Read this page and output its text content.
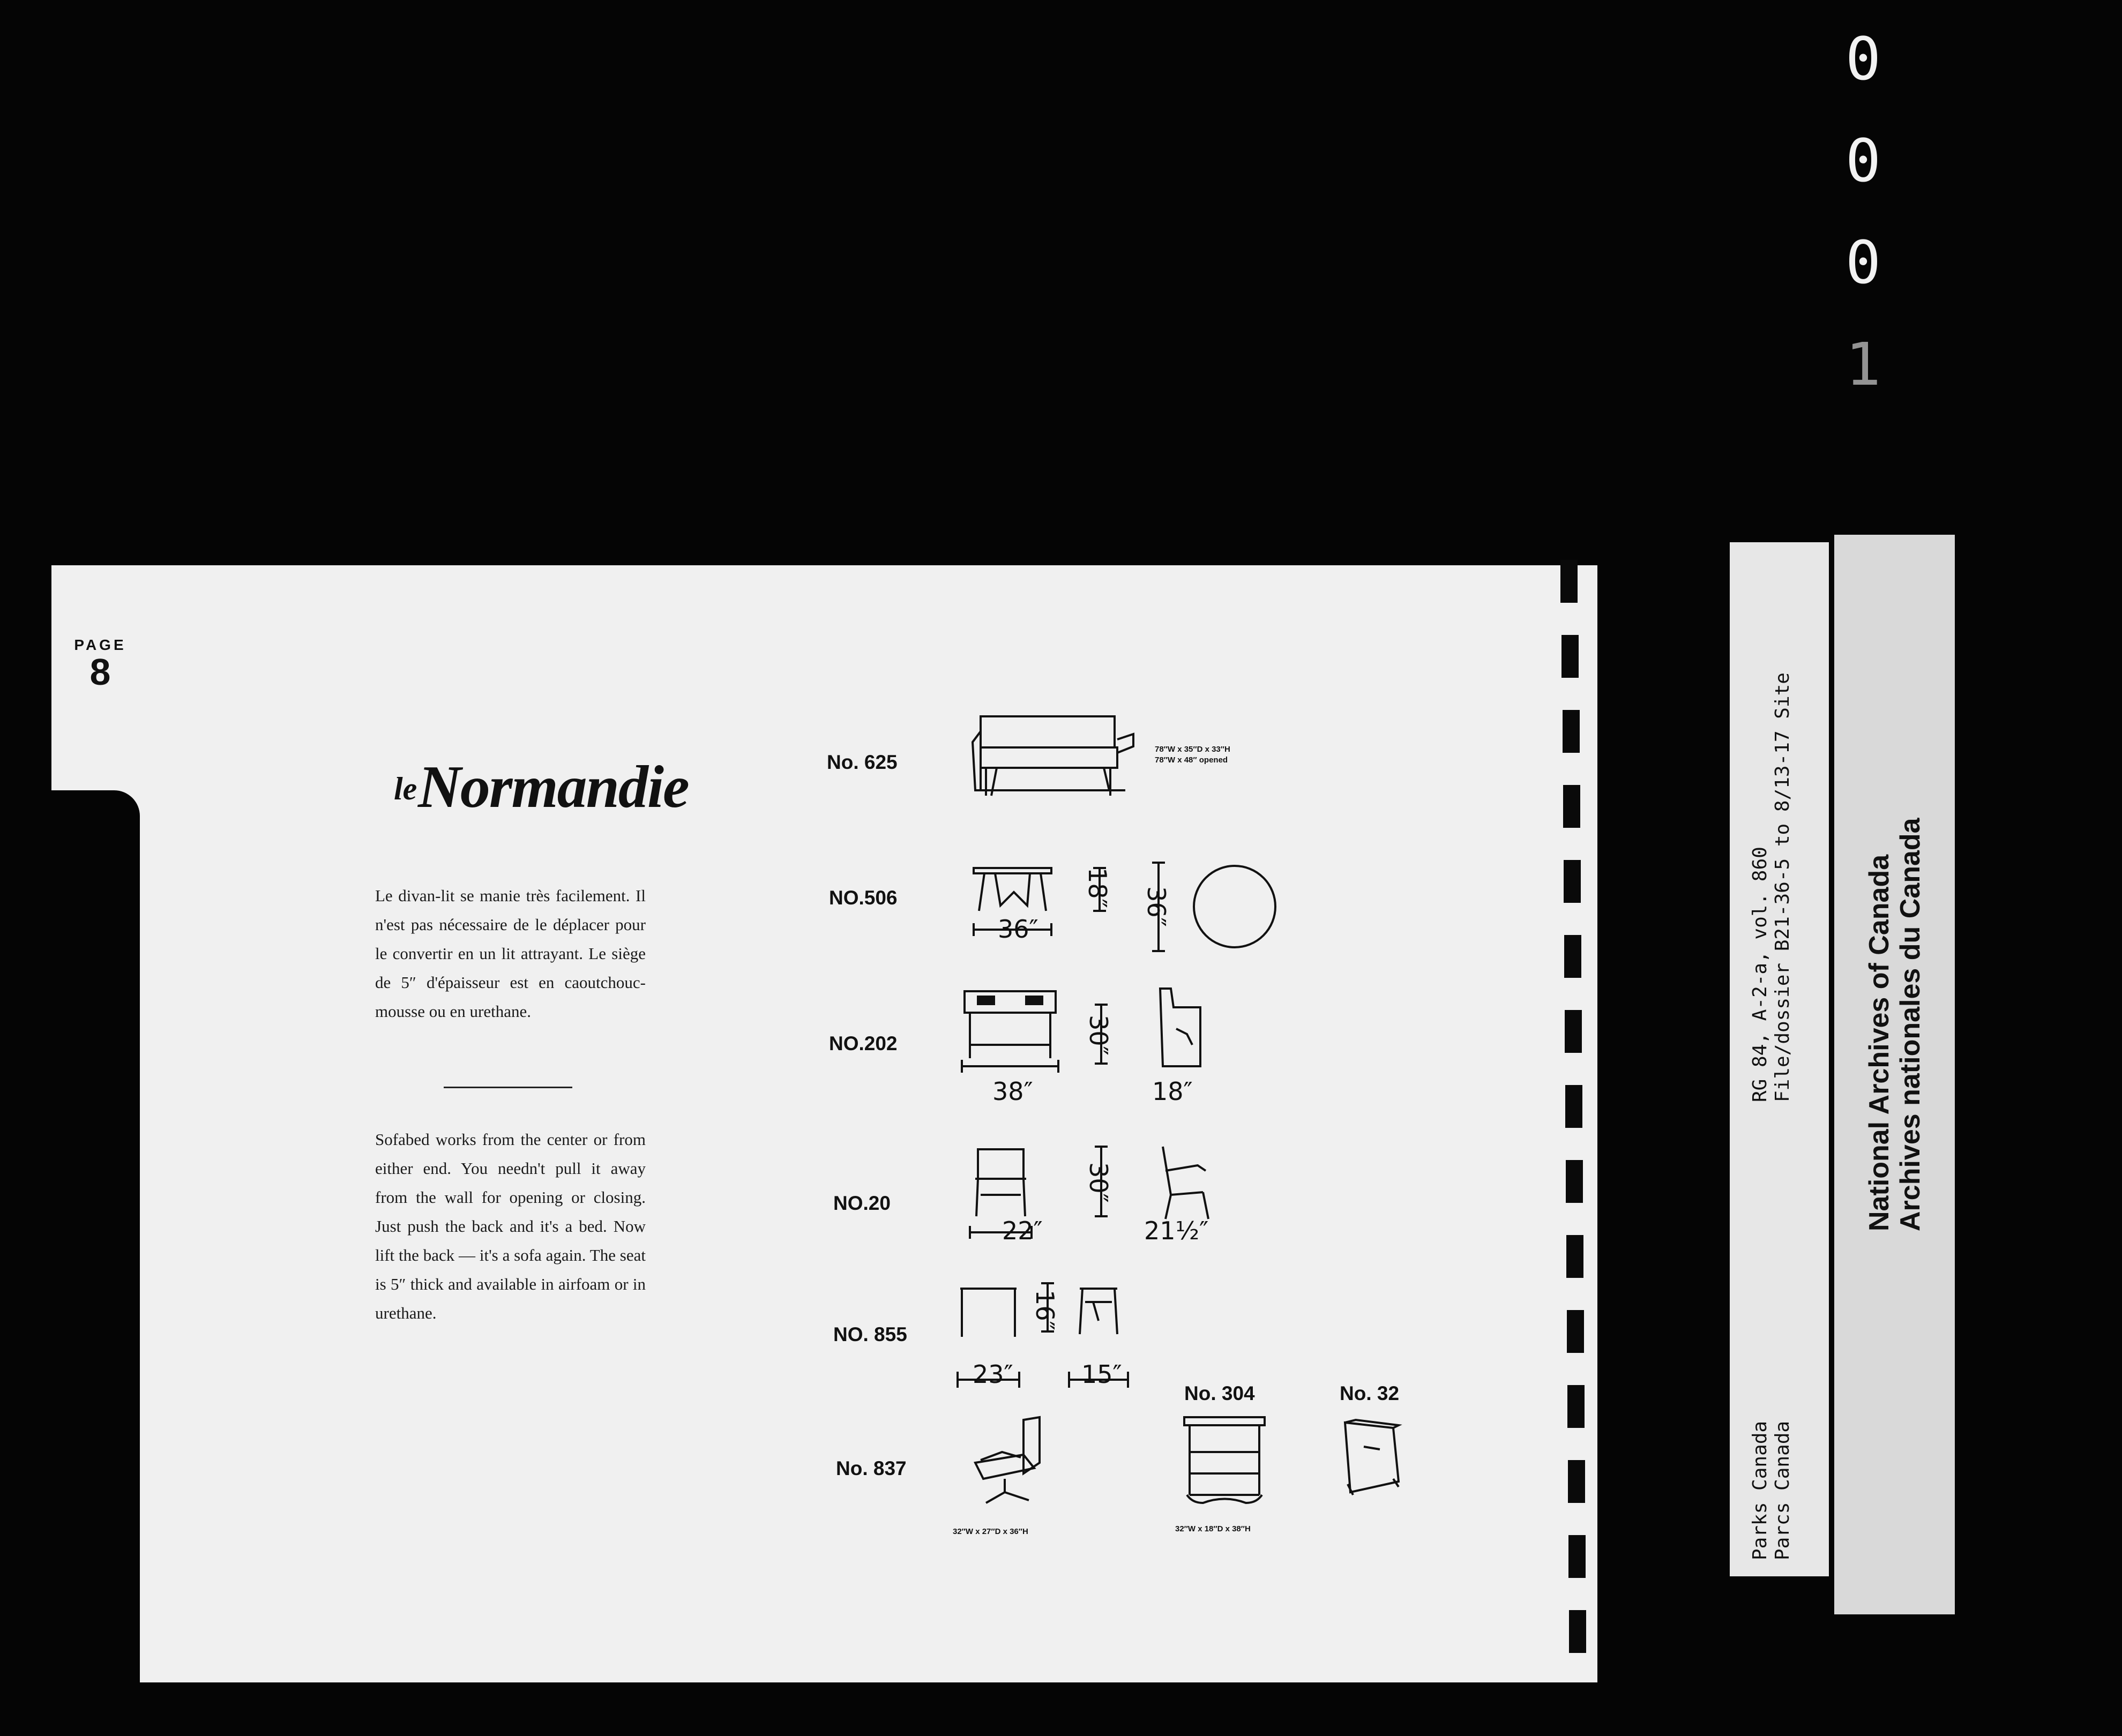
0
0
0
1
PAGE
8
le Normandie
Le divan-lit se manie très facilement. Il n'est pas nécessaire de le déplacer pour le convertir en un lit attrayant. Le siège de 5″ d'épaisseur est en caoutchouc-mousse ou en urethane.
Sofabed works from the center or from either end. You needn't pull it away from the wall for opening or closing. Just push the back and it's a bed. Now lift the back — it's a sofa again. The seat is 5″ thick and available in airfoam or in urethane.
No. 625
78″W x 35″D x 33″H
78″W x 48″ opened
NO.506
36″
18″ 36″
NO.202
38″
30″
18″
NO.20
22″
30″
21½″
NO. 855
16″
23″	15″
No. 837
32″W x 27″D x 36″H
No. 304
32″W x 18″D x 38″H
No. 32
RG 84, A-2-a, vol. 860 File/dossier B21-36-5 to 8/13-17 Site
Parks Canada Parcs Canada
National Archives of Canada Archives nationales du Canada
